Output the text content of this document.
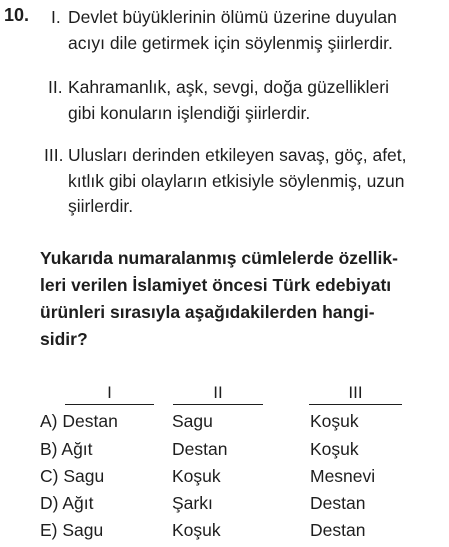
10. I. Devlet büyüklerinin ölümü üzerine duyulan
acıyı dile getirmek için söylenmiş şiirlerdir.
II. Kahramanlık, aşk, sevgi, doğa güzellikleri
gibi konuların işlendiği şiirlerdir.
III. Ulusları derinden etkileyen savaş, göç, afet,
kıtlık gibi olayların etkisiyle söylenmiş, uzun
şiirlerdir.
Yukarıda numaralanmış cümlelerde özellik-
leri verilen İslamiyet öncesi Türk edebiyatı
ürünleri sırasıyla aşağıdakilerden hangi-
sidir?
I	II	III
A) Destan	Sagu	Koşuk
B) Ağıt	Destan	Koşuk
C) Sagu	Koşuk	Mesnevi
D) Ağıt	Şarkı	Destan
E) Sagu	Koşuk	Destan
